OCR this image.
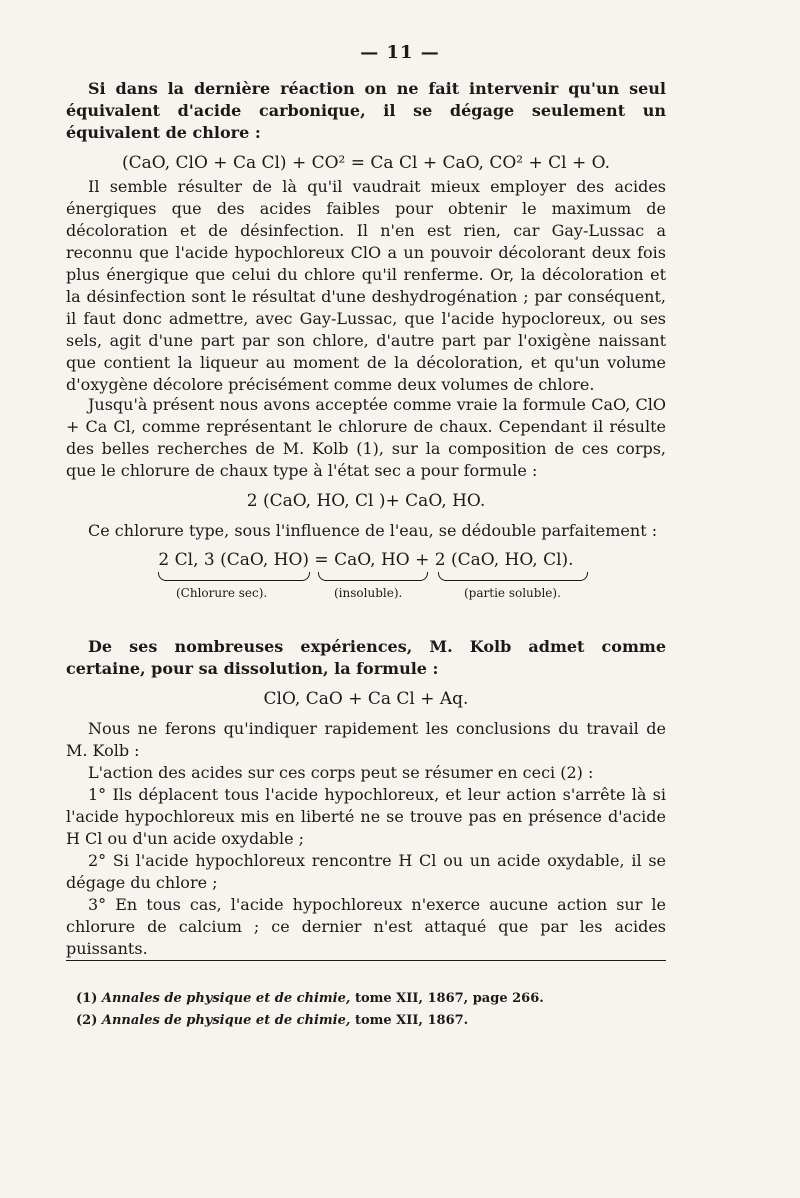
— 11 —

Si dans la dernière réaction on ne fait intervenir qu'un seul équivalent d'acide carbonique, il se dégage seulement un équivalent de chlore :

(CaO, ClO + Ca Cl) + CO² = Ca Cl + CaO, CO² + Cl + O.

Il semble résulter de là qu'il vaudrait mieux employer des acides énergiques que des acides faibles pour obtenir le maximum de décoloration et de désinfection. Il n'en est rien, car Gay-Lussac a reconnu que l'acide hypochloreux ClO a un pouvoir décolorant deux fois plus énergique que celui du chlore qu'il renferme. Or, la décoloration et la désinfection sont le résultat d'une deshydrogénation ; par conséquent, il faut donc admettre, avec Gay-Lussac, que l'acide hypocloreux, ou ses sels, agit d'une part par son chlore, d'autre part par l'oxigène naissant que contient la liqueur au moment de la décoloration, et qu'un volume d'oxygène décolore précisément comme deux volumes de chlore.

Jusqu'à présent nous avons acceptée comme vraie la formule CaO, ClO + Ca Cl, comme représentant le chlorure de chaux. Cependant il résulte des belles recherches de M. Kolb (1), sur la composition de ces corps, que le chlorure de chaux type à l'état sec a pour formule :

2 (CaO, HO, Cl )+ CaO, HO.

Ce chlorure type, sous l'influence de l'eau, se dédouble parfaitement :

2 Cl, 3 (CaO, HO) = CaO, HO + 2 (CaO, HO, Cl).
(Chlorure sec).	(insoluble).	(partie soluble).

De ses nombreuses expériences, M. Kolb admet comme certaine, pour sa dissolution, la formule :

ClO, CaO + Ca Cl + Aq.

Nous ne ferons qu'indiquer rapidement les conclusions du travail de M. Kolb :

L'action des acides sur ces corps peut se résumer en ceci (2) :

1° Ils déplacent tous l'acide hypochloreux, et leur action s'arrête là si l'acide hypochloreux mis en liberté ne se trouve pas en présence d'acide H Cl ou d'un acide oxydable ;

2° Si l'acide hypochloreux rencontre H Cl ou un acide oxydable, il se dégage du chlore ;

3° En tous cas, l'acide hypochloreux n'exerce aucune action sur le chlorure de calcium ; ce dernier n'est attaqué que par les acides puissants.

(1) Annales de physique et de chimie, tome XII, 1867, page 266.
(2) Annales de physique et de chimie, tome XII, 1867.
